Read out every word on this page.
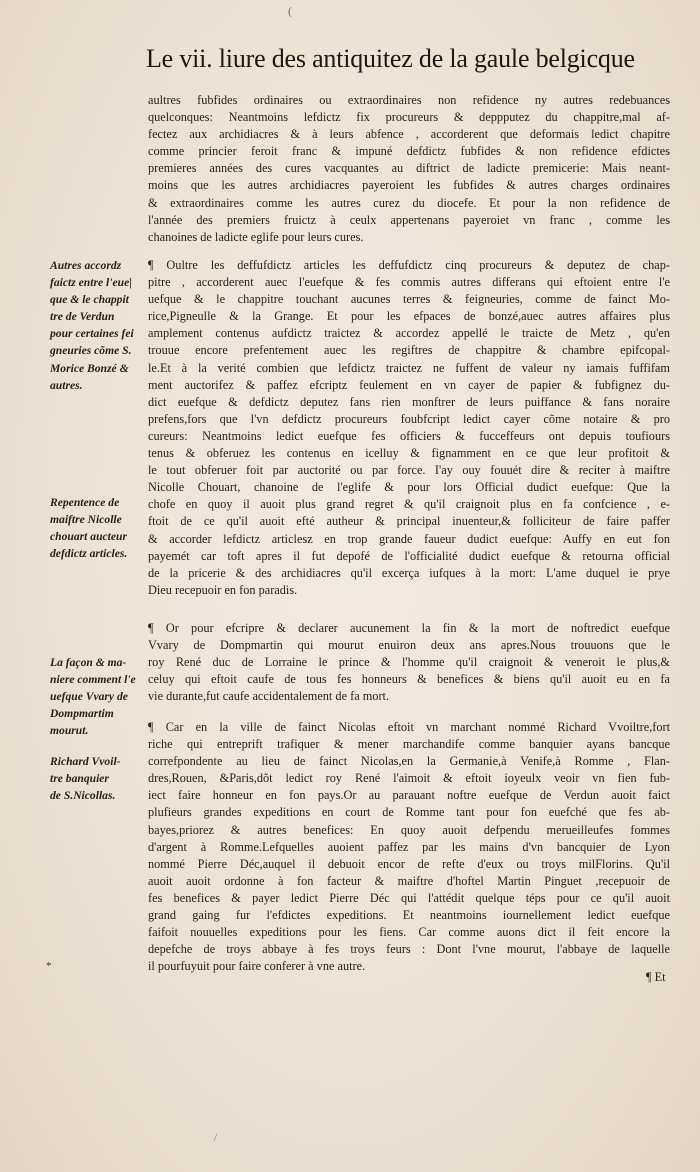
(
Le vii. liure des antiquitez de la gaule belgicque
aultres fubfides ordinaires ou extraordinaires non refidence ny autres redebuances
quelconques: Neantmoins lefdictz fix procureurs & deppputez du chappitre,mal af-
fectez aux archidiacres & à leurs abfence , accorderent que deformais ledict chapitre
comme princier feroit franc & impuné defdictz fubfides & non refidence efdictes
premieres années des cures vacquantes au diftrict de ladicte premicerie: Mais neant-
moins que les autres archidiacres payeroient les fubfides & autres charges ordinaires
& extraordinaires comme les autres curez du diocefe. Et pour la non refidence de
l'année des premiers fruictz à ceulx appertenans payeroiet vn franc , comme les
chanoines de ladicte eglife pour leurs cures.
¶ Oultre les deffufdictz articles les deffufdictz cinq procureurs & deputez de chap-
pitre , accorderent auec l'euefque & fes commis autres differans qui eftoient entre l'e
uefque & le chappitre touchant aucunes terres & feigneuries, comme de fainct Mo-
rice,Pigneulle & la Grange. Et pour les efpaces de bonzé,auec autres affaires plus
amplement contenus aufdictz traictez & accordez appellé le traicte de Metz , qu'en
trouue encore prefentement auec les regiftres de chappitre & chambre epifcopal-
le.Et à la verité combien que lefdictz traictez ne fuffent de valeur ny iamais fuffifam
ment auctorifez & paffez efcriptz feulement en vn cayer de papier & fubfignez du-
dict euefque & defdictz deputez fans rien monftrer de leurs puiffance & fans noraire
prefens,fors que l'vn defdictz procureurs foubfcript ledict cayer cõme notaire & pro
cureurs: Neantmoins ledict euefque fes officiers & fucceffeurs ont depuis toufiours
tenus & obferuez les contenus en icelluy & fignamment en ce que leur profitoit &
le tout obferuer foit par auctorité ou par force. I'ay ouy fouuét dire & reciter à maiftre
Nicolle Chouart, chanoine de l'eglife & pour lors Official dudict euefque: Que la
chofe en quoy il auoit plus grand regret & qu'il craignoit plus en fa confcience , e-
ftoit de ce qu'il auoit efté autheur & principal inuenteur,& folliciteur de faire paffer
& accorder lefdictz articlesz en trop grande faueur dudict euefque: Auffy en eut fon
payemét car toft apres il fut depofé de l'officialité dudict euefque & retourna official
de la pricerie & des archidiacres qu'il excerça iufques à la mort: L'ame duquel ie prye
Dieu recepuoir en fon paradis.
¶ Or pour efcripre & declarer aucunement la fin & la mort de noftredict euefque
Vvary de Dompmartin qui mourut enuiron deux ans apres.Nous trouuons que le
roy René duc de Lorraine le prince & l'homme qu'il craignoit & veneroit le plus,&
celuy qui eftoit caufe de tous fes honneurs & benefices & biens qu'il auoit eu en fa
vie durante,fut caufe accidentalement de fa mort.
¶ Car en la ville de fainct Nicolas eftoit vn marchant nommé Richard Vvoiltre,fort
riche qui entreprift trafiquer & mener marchandife comme banquier ayans bancque
correfpondente au lieu de fainct Nicolas,en la Germanie,à Venife,à Romme , Flan-
dres,Rouen, &Paris,dõt ledict roy René l'aimoit & eftoit ioyeulx veoir vn fien fub-
iect faire honneur en fon pays.Or au parauant noftre euefque de Verdun auoit faict
plufieurs grandes expeditions en court de Romme tant pour fon euefché que fes ab-
bayes,priorez & autres benefices: En quoy auoit defpendu merueilleufes fommes
d'argent à Romme.Lefquelles auoient paffez par les mains d'vn bancquier de Lyon
nommé Pierre Déc,auquel il debuoit encor de refte d'eux ou troys milFlorins. Qu'il
auoit auoit ordonne à fon facteur & maiftre d'hoftel Martin Pinguet ,recepuoir de
fes benefices & payer ledict Pierre Déc qui l'attédit quelque téps pour ce qu'il auoit
grand gaing fur l'efdictes expeditions. Et neantmoins iournellement ledict euefque
faifoit nouuelles expeditions pour les fiens. Car comme auons dict il feit encore la
depefche de troys abbaye à fes troys feurs : Dont l'vne mourut, l'abbaye de laquelle
il pourfuyuit pour faire conferer à vne autre.
Autres accordz
faictz entre l'eue|
que & le chappit
tre de Verdun
pour certaines fei
gneuries cõme S.
Morice Bonzé &
autres.
Repentence de
maiftre Nicolle
chouart aucteur
defdictz articles.
La façon & ma-
niere comment l'e
uefque Vvary de
Dompmartim
mourut.
Richard Vvoil-
tre banquier
de S.Nicollas.
*
¶ Et
/
